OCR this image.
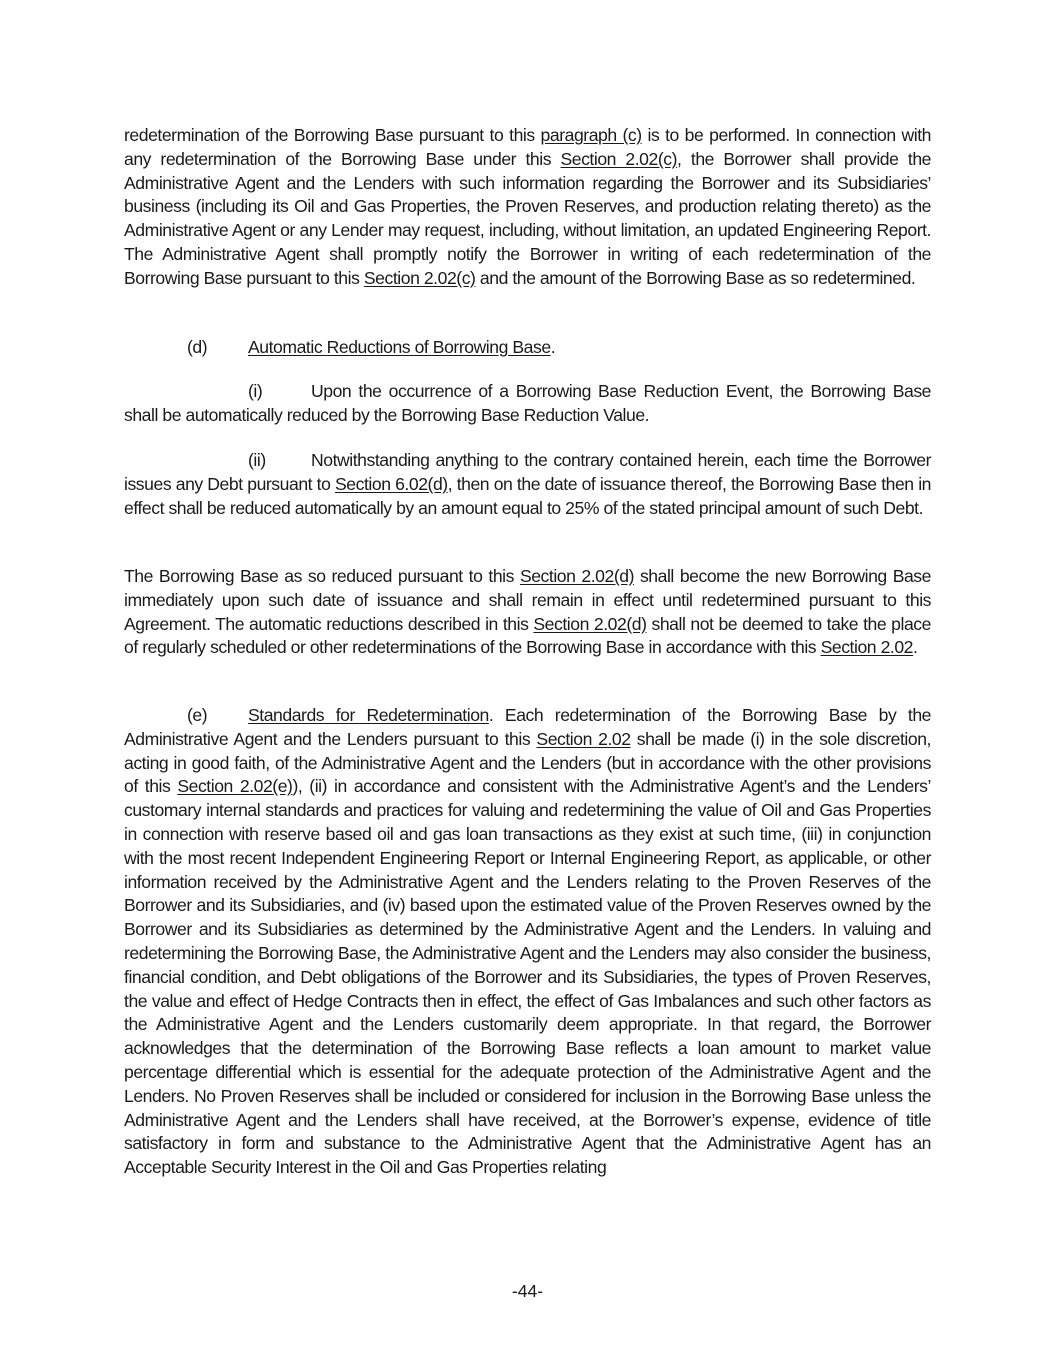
redetermination of the Borrowing Base pursuant to this paragraph (c) is to be performed. In connection with any redetermination of the Borrowing Base under this Section 2.02(c), the Borrower shall provide the Administrative Agent and the Lenders with such information regarding the Borrower and its Subsidiaries’ business (including its Oil and Gas Properties, the Proven Reserves, and production relating thereto) as the Administrative Agent or any Lender may request, including, without limitation, an updated Engineering Report. The Administrative Agent shall promptly notify the Borrower in writing of each redetermination of the Borrowing Base pursuant to this Section 2.02(c) and the amount of the Borrowing Base as so redetermined.

(d) Automatic Reductions of Borrowing Base.

(i)	Upon the occurrence of a Borrowing Base Reduction Event, the Borrowing Base shall be automatically reduced by the Borrowing Base Reduction Value.

(ii)	Notwithstanding anything to the contrary contained herein, each time the Borrower issues any Debt pursuant to Section 6.02(d), then on the date of issuance thereof, the Borrowing Base then in effect shall be reduced automatically by an amount equal to 25% of the stated principal amount of such Debt.

The Borrowing Base as so reduced pursuant to this Section 2.02(d) shall become the new Borrowing Base immediately upon such date of issuance and shall remain in effect until redetermined pursuant to this Agreement. The automatic reductions described in this Section 2.02(d) shall not be deemed to take the place of regularly scheduled or other redeterminations of the Borrowing Base in accordance with this Section 2.02.

(e) Standards for Redetermination. Each redetermination of the Borrowing Base by the Administrative Agent and the Lenders pursuant to this Section 2.02 shall be made (i) in the sole discretion, acting in good faith, of the Administrative Agent and the Lenders (but in accordance with the other provisions of this Section 2.02(e)), (ii) in accordance and consistent with the Administrative Agent’s and the Lenders’ customary internal standards and practices for valuing and redetermining the value of Oil and Gas Properties in connection with reserve based oil and gas loan transactions as they exist at such time, (iii) in conjunction with the most recent Independent Engineering Report or Internal Engineering Report, as applicable, or other information received by the Administrative Agent and the Lenders relating to the Proven Reserves of the Borrower and its Subsidiaries, and (iv) based upon the estimated value of the Proven Reserves owned by the Borrower and its Subsidiaries as determined by the Administrative Agent and the Lenders. In valuing and redetermining the Borrowing Base, the Administrative Agent and the Lenders may also consider the business, financial condition, and Debt obligations of the Borrower and its Subsidiaries, the types of Proven Reserves, the value and effect of Hedge Contracts then in effect, the effect of Gas Imbalances and such other factors as the Administrative Agent and the Lenders customarily deem appropriate. In that regard, the Borrower acknowledges that the determination of the Borrowing Base reflects a loan amount to market value percentage differential which is essential for the adequate protection of the Administrative Agent and the Lenders. No Proven Reserves shall be included or considered for inclusion in the Borrowing Base unless the Administrative Agent and the Lenders shall have received, at the Borrower’s expense, evidence of title satisfactory in form and substance to the Administrative Agent that the Administrative Agent has an Acceptable Security Interest in the Oil and Gas Properties relating

-44-
